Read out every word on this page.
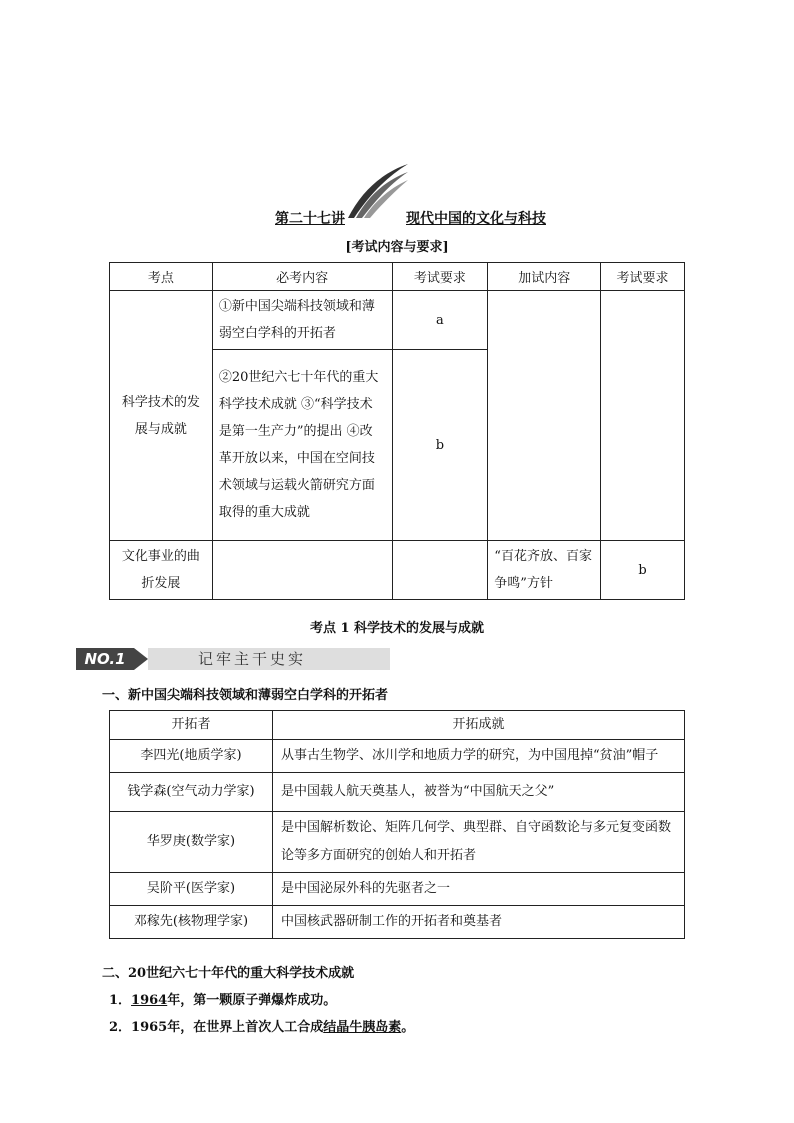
第二十七讲	现代中国的文化与科技
[考试内容与要求]
考点	必考内容	考试要求	加试内容	考试要求
科学技术的发展与成就	①新中国尖端科技领域和薄弱空白学科的开拓者	a		
	②20世纪六七十年代的重大科学技术成就 ③“科学技术是第一生产力”的提出 ④改革开放以来，中国在空间技术领域与运载火箭研究方面取得的重大成就	b		
文化事业的曲折发展			“百花齐放、百家争鸣”方针	b
考点 1 科学技术的发展与成就
NO.1	记牢主干史实
一、新中国尖端科技领域和薄弱空白学科的开拓者
开拓者	开拓成就
李四光(地质学家)	从事古生物学、冰川学和地质力学的研究，为中国甩掉“贫油”帽子
钱学森(空气动力学家)	是中国载人航天奠基人，被誉为“中国航天之父”
华罗庚(数学家)	是中国解析数论、矩阵几何学、典型群、自守函数论与多元复变函数论等多方面研究的创始人和开拓者
吴阶平(医学家)	是中国泌尿外科的先驱者之一
邓稼先(核物理学家)	中国核武器研制工作的开拓者和奠基者
二、20世纪六七十年代的重大科学技术成就
1．1964年，第一颗原子弹爆炸成功。
2．1965年，在世界上首次人工合成结晶牛胰岛素。
